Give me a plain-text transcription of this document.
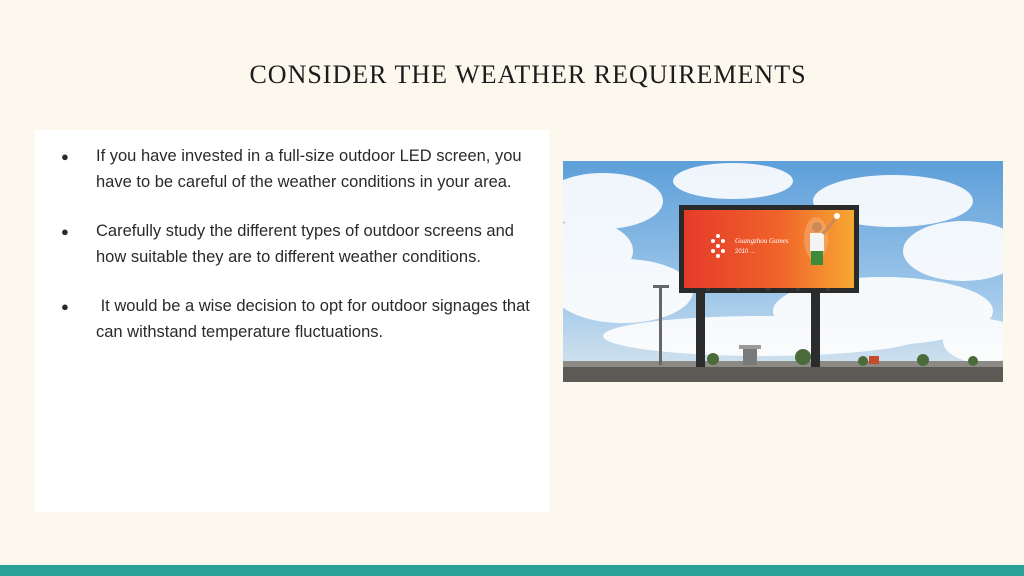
CONSIDER THE WEATHER REQUIREMENTS
● If you have invested in a full-size outdoor LED screen, you have to be careful of the weather conditions in your area.
● Carefully study the different types of outdoor screens and how suitable they are to different weather conditions.
● It would be a wise decision to opt for outdoor signages that can withstand temperature fluctuations.
Guangzhou Games
2010 ...
